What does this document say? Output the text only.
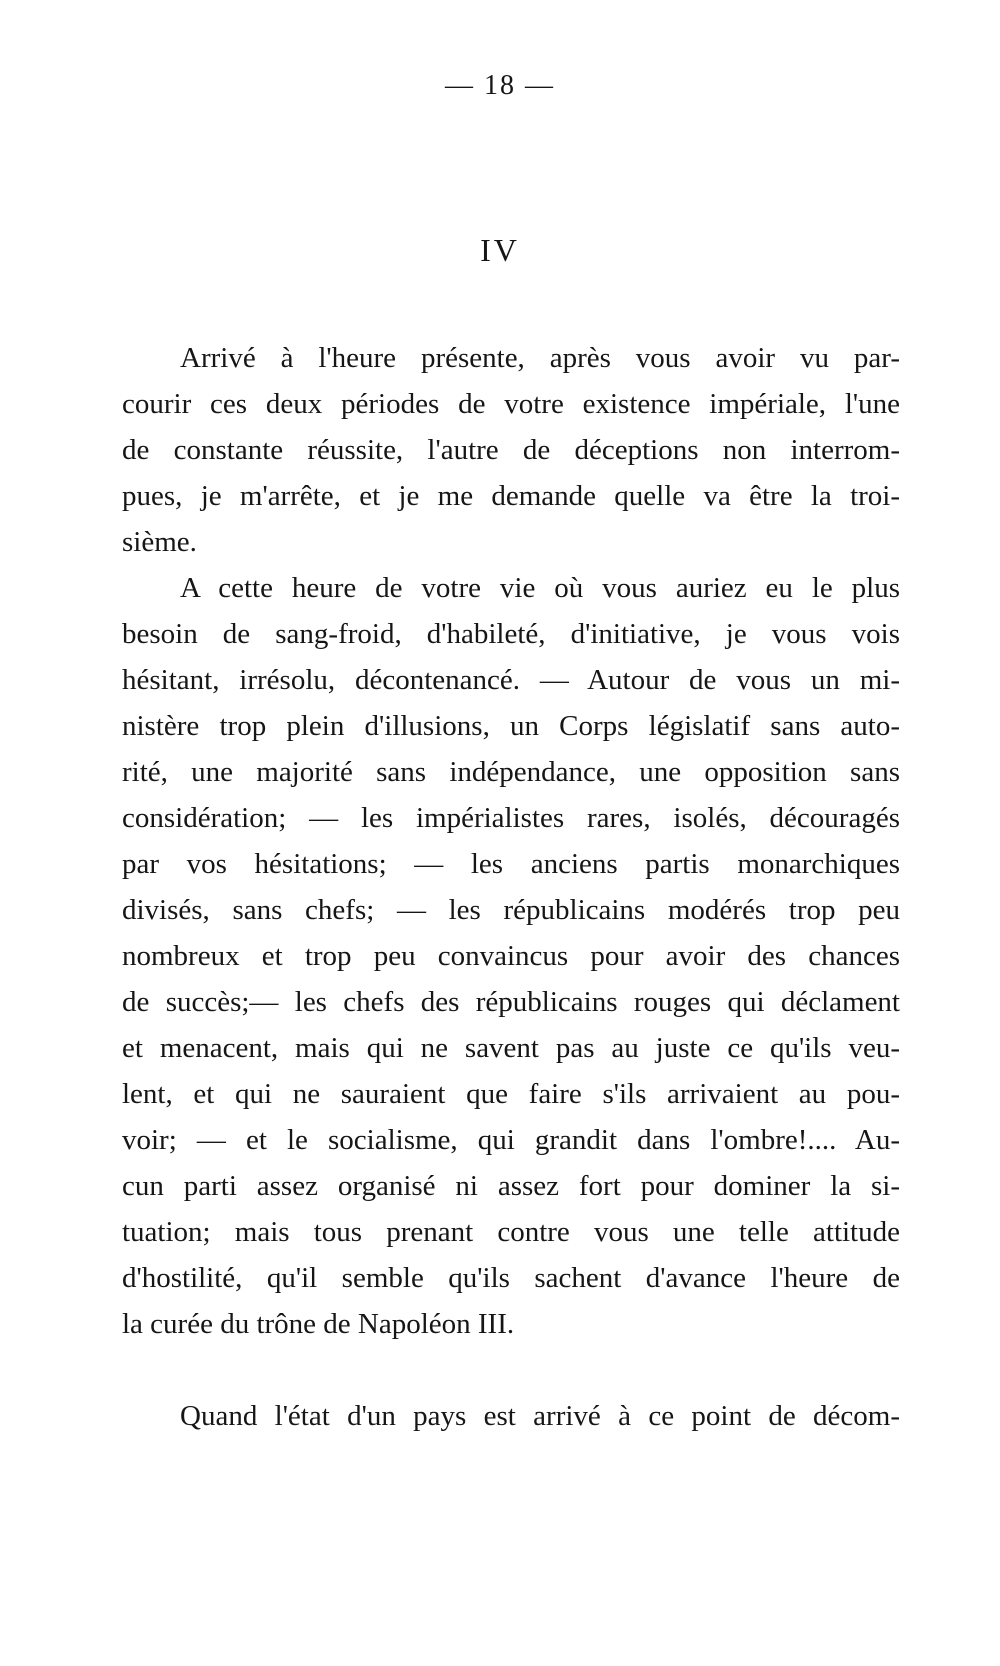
— 18 —
IV
Arrivé à l'heure présente, après vous avoir vu par-
courir ces deux périodes de votre existence impériale, l'une
de constante réussite, l'autre de déceptions non interrom-
pues, je m'arrête, et je me demande quelle va être la troi-
sième.
A cette heure de votre vie où vous auriez eu le plus
besoin de sang-froid, d'habileté, d'initiative, je vous vois
hésitant, irrésolu, décontenancé. — Autour de vous un mi-
nistère trop plein d'illusions, un Corps législatif sans auto-
rité, une majorité sans indépendance, une opposition sans
considération; — les impérialistes rares, isolés, découragés
par vos hésitations; — les anciens partis monarchiques
divisés, sans chefs; — les républicains modérés trop peu
nombreux et trop peu convaincus pour avoir des chances
de succès;— les chefs des républicains rouges qui déclament
et menacent, mais qui ne savent pas au juste ce qu'ils veu-
lent, et qui ne sauraient que faire s'ils arrivaient au pou-
voir; — et le socialisme, qui grandit dans l'ombre!.... Au-
cun parti assez organisé ni assez fort pour dominer la si-
tuation; mais tous prenant contre vous une telle attitude
d'hostilité, qu'il semble qu'ils sachent d'avance l'heure de
la curée du trône de Napoléon III.
Quand l'état d'un pays est arrivé à ce point de décom-
